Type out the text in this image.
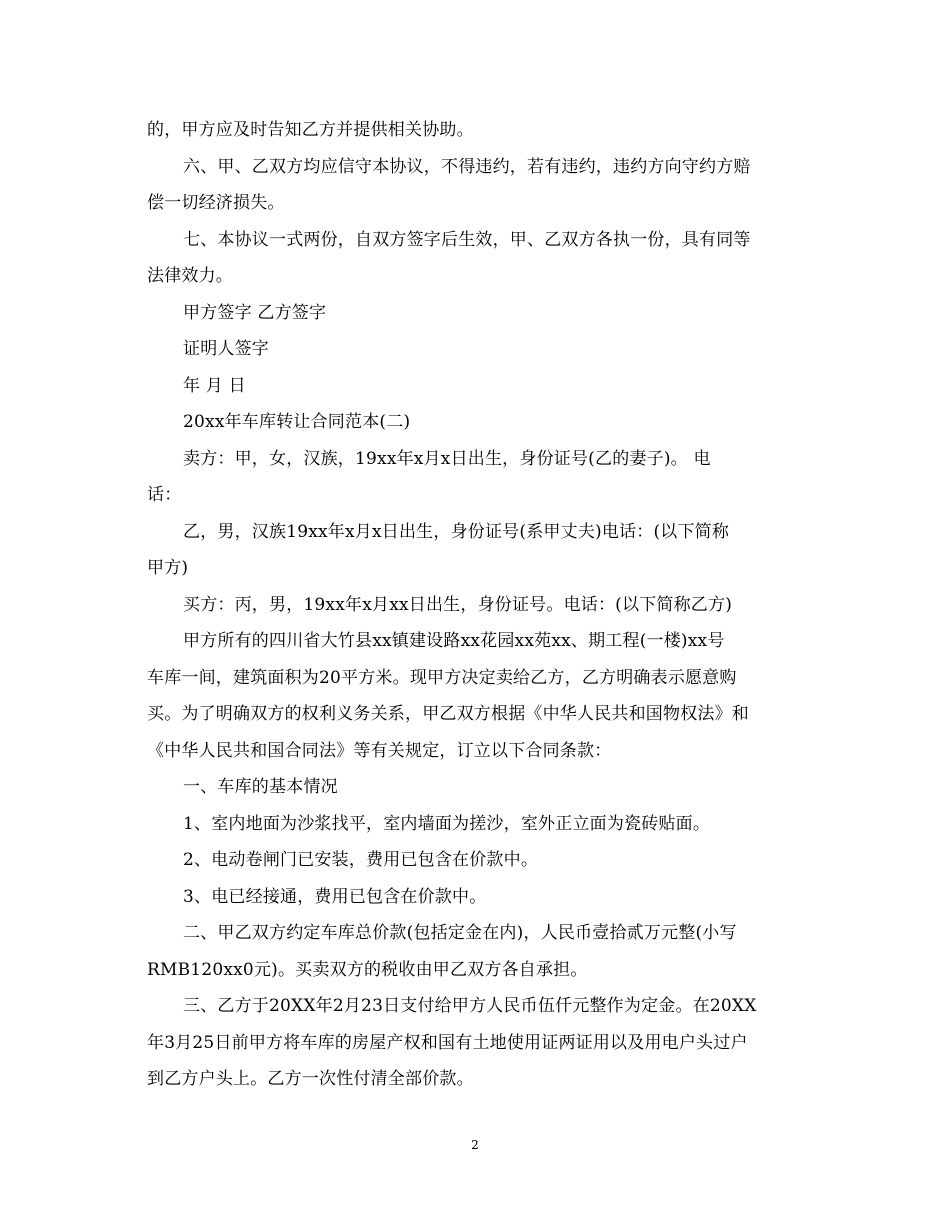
的，甲方应及时告知乙方并提供相关协助。
六、甲、乙双方均应信守本协议，不得违约，若有违约，违约方向守约方赔
偿一切经济损失。
七、本协议一式两份，自双方签字后生效，甲、乙双方各执一份，具有同等
法律效力。
甲方签字 乙方签字
证明人签字
年 月 日
20xx年车库转让合同范本(二)
卖方：甲，女，汉族，19xx年x月x日出生，身份证号(乙的妻子)。 电
话：
乙，男，汉族19xx年x月x日出生，身份证号(系甲丈夫)电话：(以下简称
甲方)
买方：丙，男，19xx年x月xx日出生，身份证号。电话：(以下简称乙方)
甲方所有的四川省大竹县xx镇建设路xx花园xx苑xx、期工程(一楼)xx号
车库一间，建筑面积为20平方米。现甲方决定卖给乙方，乙方明确表示愿意购
买。为了明确双方的权利义务关系，甲乙双方根据《中华人民共和国物权法》和
《中华人民共和国合同法》等有关规定，订立以下合同条款：
一、车库的基本情况
1、室内地面为沙浆找平，室内墙面为搓沙，室外正立面为瓷砖贴面。
2、电动卷闸门已安装，费用已包含在价款中。
3、电已经接通，费用已包含在价款中。
二、甲乙双方约定车库总价款(包括定金在内)，人民币壹拾贰万元整(小写
RMB120xx0元)。买卖双方的税收由甲乙双方各自承担。
三、乙方于20XX年2月23日支付给甲方人民币伍仟元整作为定金。在20XX
年3月25日前甲方将车库的房屋产权和国有土地使用证两证用以及用电户头过户
到乙方户头上。乙方一次性付清全部价款。
2
